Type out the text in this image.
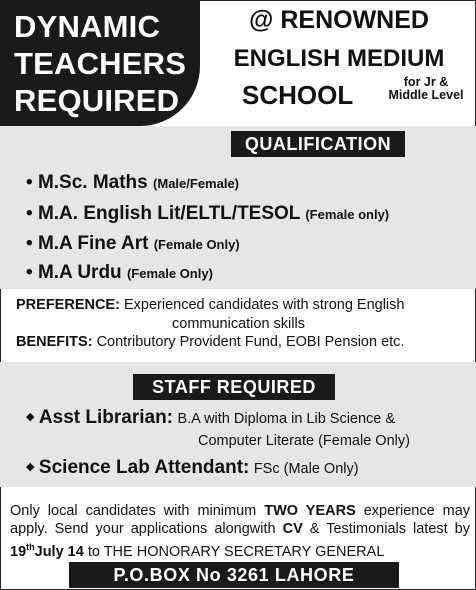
DYNAMIC
TEACHERS
REQUIRED
@ RENOWNED
ENGLISH MEDIUM
SCHOOL	for Jr &
Middle Level
QUALIFICATION
• M.Sc. Maths (Male/Female)
• M.A. English Lit/ELTL/TESOL (Female only)
• M.A Fine Art (Female Only)
• M.A Urdu (Female Only)
PREFERENCE: Experienced candidates with strong English
communication skills
BENEFITS: Contributory Provident Fund, EOBI Pension etc.
STAFF REQUIRED
◆ Asst Librarian: B.A with Diploma in Lib Science &
Computer Literate (Female Only)
◆ Science Lab Attendant: FSc (Male Only)
Only local candidates with minimum TWO YEARS experience may apply. Send your applications alongwith CV & Testimonials latest by 19thJuly 14 to THE HONORARY SECRETARY GENERAL
P.O.BOX No 3261 LAHORE
